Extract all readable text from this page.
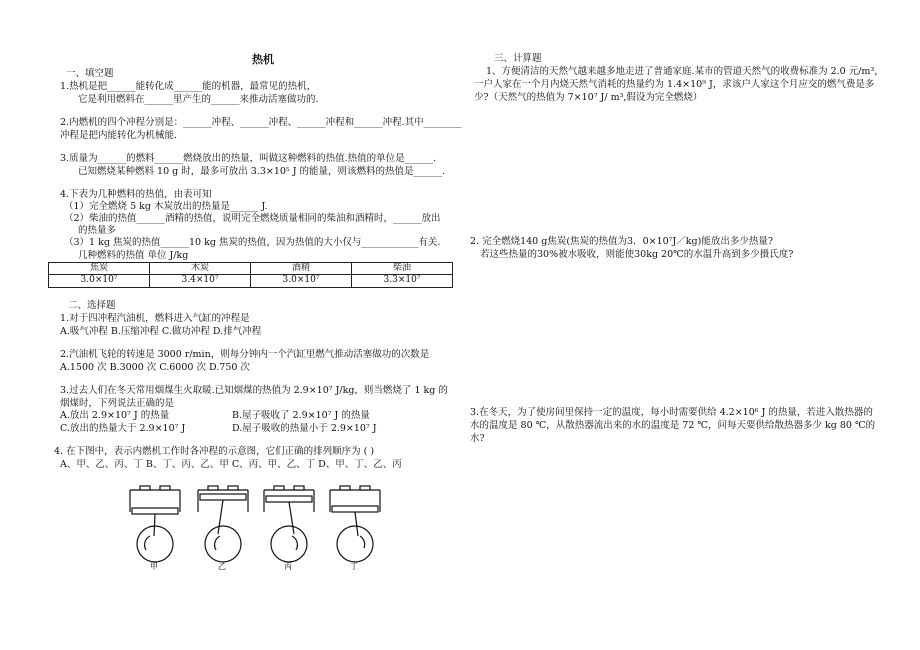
热机
一、填空题
1.热机是把______能转化成______能的机器，最常见的热机，
它是利用燃料在______里产生的______来推动活塞做功的.
2.内燃机的四个冲程分别是：______冲程、______冲程、______冲程和______冲程.其中________
冲程是把内能转化为机械能.
3.质量为______的燃料______燃烧放出的热量，叫做这种燃料的热值.热值的单位是______.
已知燃烧某种燃料 10 g 时，最多可放出 3.3×10⁵ J 的能量，则该燃料的热值是______.
4.下表为几种燃料的热值，由表可知
（1）完全燃烧 5 kg 木炭放出的热量是______ J.
（2）柴油的热值______酒精的热值，说明完全燃烧质量相同的柴油和酒精时，______放出
的热量多
（3）1 kg 焦炭的热值______10 kg 焦炭的热值，因为热值的大小仅与____________有关.
几种燃料的热值 单位 J/kg
焦炭	木炭	酒精	柴油
3.0×10⁷	3.4×10⁷	3.0×10⁷	3.3×10⁷
二、选择题
1.对于四冲程汽油机，燃料进入气缸的冲程是
A.吸气冲程 B.压缩冲程 C.做功冲程 D.排气冲程
2.汽油机飞轮的转速是 3000 r/min，则每分钟内一个汽缸里燃气推动活塞做功的次数是
A.1500 次 B.3000 次 C.6000 次 D.750 次
3.过去人们在冬天常用烟煤生火取暖.已知烟煤的热值为 2.9×10⁷ J/kg，则当燃烧了 1 kg 的
烟煤时，下列说法正确的是
A.放出 2.9×10⁷ J 的热量	B.屋子吸收了 2.9×10⁷ J 的热量
C.放出的热量大于 2.9×10⁷ J	D.屋子吸收的热量小于 2.9×10⁷ J
4. 在下图中，表示内燃机工作时各冲程的示意图，它们正确的排列顺序为 ( )
A、甲、乙、丙、丁 B、丁、丙、乙、甲 C、丙、甲、乙、丁 D、甲、丁、乙、丙
甲	乙	丙	丁
三、计算题
1、方便清洁的天然气越来越多地走进了普通家庭.某市的管道天然气的收费标准为 2.0 元/m³，
一户人家在一个月内烧天然气消耗的热量约为 1.4×10⁹ J，求该户人家这个月应交的燃气费是多
少?（天然气的热值为 7×10⁷ J/ m³,假设为完全燃烧）
2. 完全燃烧140 g焦炭(焦炭的热值为3．0×10⁷J／kg)能放出多少热量?
若这些热量的30%被水吸收，则能使30kg 20℃的水温升高到多少摄氏度?
3.在冬天，为了使房间里保持一定的温度，每小时需要供给 4.2×10⁶ J 的热量，若进入散热器的
水的温度是 80 ℃，从散热器流出来的水的温度是 72 ℃，问每天要供给散热器多少 kg 80 ℃的
水?
